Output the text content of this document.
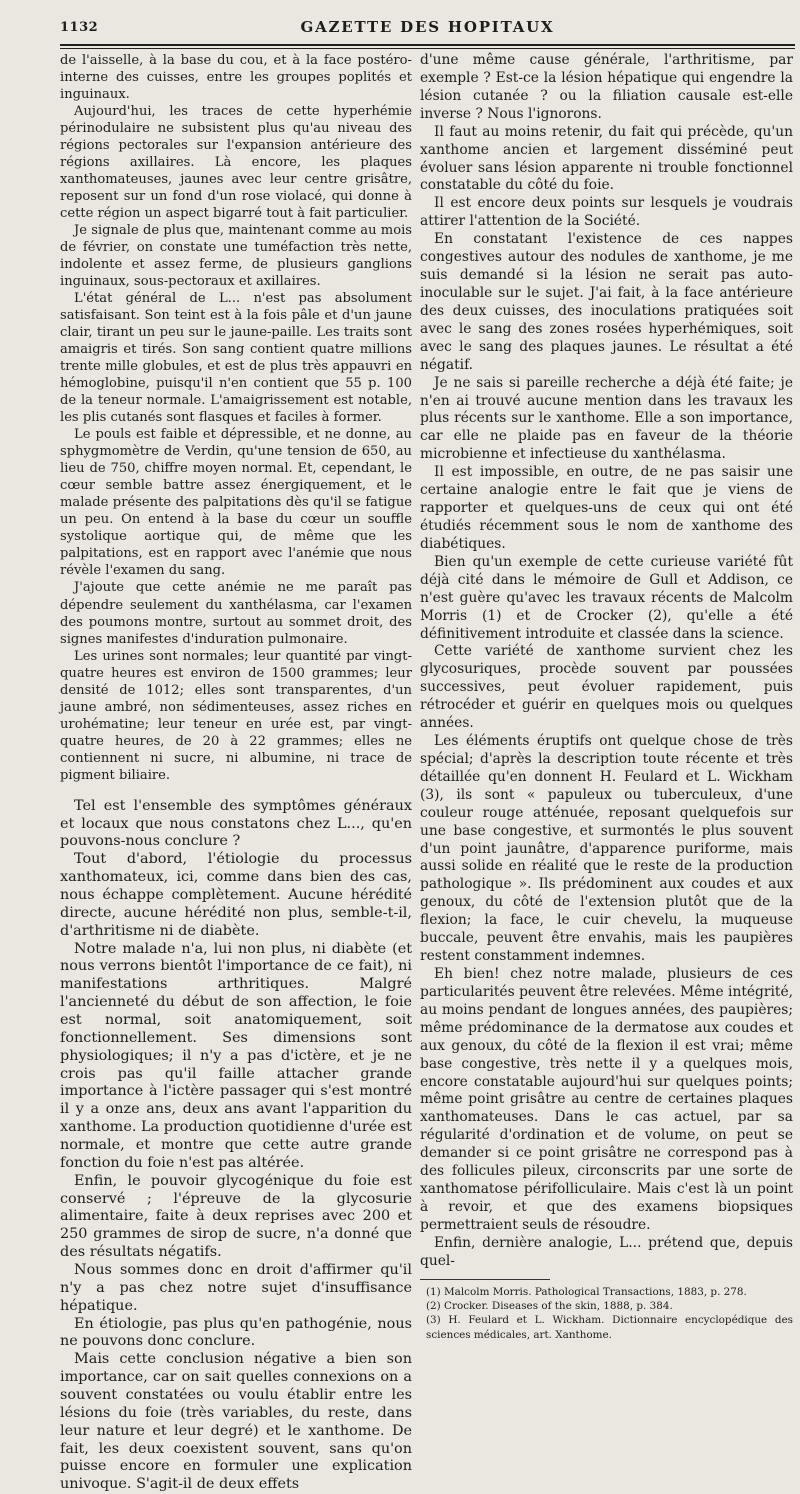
1132	GAZETTE DES HOPITAUX

de l'aisselle, à la base du cou, et à la face postéro-interne des cuisses, entre les groupes poplités et inguinaux.

Aujourd'hui, les traces de cette hyperhémie périnodulaire ne subsistent plus qu'au niveau des régions pectorales sur l'expansion antérieure des régions axillaires. Là encore, les plaques xanthomateuses, jaunes avec leur centre grisâtre, reposent sur un fond d'un rose violacé, qui donne à cette région un aspect bigarré tout à fait particulier.

Je signale de plus que, maintenant comme au mois de février, on constate une tuméfaction très nette, indolente et assez ferme, de plusieurs ganglions inguinaux, sous-pectoraux et axillaires.

L'état général de L... n'est pas absolument satisfaisant. Son teint est à la fois pâle et d'un jaune clair, tirant un peu sur le jaune-paille. Les traits sont amaigris et tirés. Son sang contient quatre millions trente mille globules, et est de plus très appauvri en hémoglobine, puisqu'il n'en contient que 55 p. 100 de la teneur normale. L'amaigrissement est notable, les plis cutanés sont flasques et faciles à former.

Le pouls est faible et dépressible, et ne donne, au sphygmomètre de Verdin, qu'une tension de 650, au lieu de 750, chiffre moyen normal. Et, cependant, le cœur semble battre assez énergiquement, et le malade présente des palpitations dès qu'il se fatigue un peu. On entend à la base du cœur un souffle systolique aortique qui, de même que les palpitations, est en rapport avec l'anémie que nous révèle l'examen du sang.

J'ajoute que cette anémie ne me paraît pas dépendre seulement du xanthélasma, car l'examen des poumons montre, surtout au sommet droit, des signes manifestes d'induration pulmonaire.

Les urines sont normales; leur quantité par vingt-quatre heures est environ de 1500 grammes; leur densité de 1012; elles sont transparentes, d'un jaune ambré, non sédimenteuses, assez riches en urohématine; leur teneur en urée est, par vingt-quatre heures, de 20 à 22 grammes; elles ne contiennent ni sucre, ni albumine, ni trace de pigment biliaire.

Tel est l'ensemble des symptômes généraux et locaux que nous constatons chez L..., qu'en pouvons-nous conclure ?

Tout d'abord, l'étiologie du processus xanthomateux, ici, comme dans bien des cas, nous échappe complètement. Aucune hérédité directe, aucune hérédité non plus, semble-t-il, d'arthritisme ni de diabète.

Notre malade n'a, lui non plus, ni diabète (et nous verrons bientôt l'importance de ce fait), ni manifestations arthritiques. Malgré l'ancienneté du début de son affection, le foie est normal, soit anatomiquement, soit fonctionnellement. Ses dimensions sont physiologiques; il n'y a pas d'ictère, et je ne crois pas qu'il faille attacher grande importance à l'ictère passager qui s'est montré il y a onze ans, deux ans avant l'apparition du xanthome. La production quotidienne d'urée est normale, et montre que cette autre grande fonction du foie n'est pas altérée.

Enfin, le pouvoir glycogénique du foie est conservé ; l'épreuve de la glycosurie alimentaire, faite à deux reprises avec 200 et 250 grammes de sirop de sucre, n'a donné que des résultats négatifs.

Nous sommes donc en droit d'affirmer qu'il n'y a pas chez notre sujet d'insuffisance hépatique.

En étiologie, pas plus qu'en pathogénie, nous ne pouvons donc conclure.

Mais cette conclusion négative a bien son importance, car on sait quelles connexions on a souvent constatées ou voulu établir entre les lésions du foie (très variables, du reste, dans leur nature et leur degré) et le xanthome. De fait, les deux coexistent souvent, sans qu'on puisse encore en formuler une explication univoque. S'agit-il de deux effets

d'une même cause générale, l'arthritisme, par exemple ? Est-ce la lésion hépatique qui engendre la lésion cutanée ? ou la filiation causale est-elle inverse ? Nous l'ignorons.

Il faut au moins retenir, du fait qui précède, qu'un xanthome ancien et largement disséminé peut évoluer sans lésion apparente ni trouble fonctionnel constatable du côté du foie.

Il est encore deux points sur lesquels je voudrais attirer l'attention de la Société.

En constatant l'existence de ces nappes congestives autour des nodules de xanthome, je me suis demandé si la lésion ne serait pas auto-inoculable sur le sujet. J'ai fait, à la face antérieure des deux cuisses, des inoculations pratiquées soit avec le sang des zones rosées hyperhémiques, soit avec le sang des plaques jaunes. Le résultat a été négatif.

Je ne sais si pareille recherche a déjà été faite; je n'en ai trouvé aucune mention dans les travaux les plus récents sur le xanthome. Elle a son importance, car elle ne plaide pas en faveur de la théorie microbienne et infectieuse du xanthélasma.

Il est impossible, en outre, de ne pas saisir une certaine analogie entre le fait que je viens de rapporter et quelques-uns de ceux qui ont été étudiés récemment sous le nom de xanthome des diabétiques.

Bien qu'un exemple de cette curieuse variété fût déjà cité dans le mémoire de Gull et Addison, ce n'est guère qu'avec les travaux récents de Malcolm Morris (1) et de Crocker (2), qu'elle a été définitivement introduite et classée dans la science.

Cette variété de xanthome survient chez les glycosuriques, procède souvent par poussées successives, peut évoluer rapidement, puis rétrocéder et guérir en quelques mois ou quelques années.

Les éléments éruptifs ont quelque chose de très spécial; d'après la description toute récente et très détaillée qu'en donnent H. Feulard et L. Wickham (3), ils sont « papuleux ou tuberculeux, d'une couleur rouge atténuée, reposant quelquefois sur une base congestive, et surmontés le plus souvent d'un point jaunâtre, d'apparence puriforme, mais aussi solide en réalité que le reste de la production pathologique ». Ils prédominent aux coudes et aux genoux, du côté de l'extension plutôt que de la flexion; la face, le cuir chevelu, la muqueuse buccale, peuvent être envahis, mais les paupières restent constamment indemnes.

Eh bien! chez notre malade, plusieurs de ces particularités peuvent être relevées. Même intégrité, au moins pendant de longues années, des paupières; même prédominance de la dermatose aux coudes et aux genoux, du côté de la flexion il est vrai; même base congestive, très nette il y a quelques mois, encore constatable aujourd'hui sur quelques points; même point grisâtre au centre de certaines plaques xanthomateuses. Dans le cas actuel, par sa régularité d'ordination et de volume, on peut se demander si ce point grisâtre ne correspond pas à des follicules pileux, circonscrits par une sorte de xanthomatose périfolliculaire. Mais c'est là un point à revoir, et que des examens biopsiques permettraient seuls de résoudre.

Enfin, dernière analogie, L... prétend que, depuis quel-

(1) Malcolm Morris. Pathological Transactions, 1883, p. 278.
(2) Crocker. Diseases of the skin, 1888, p. 384.
(3) H. Feulard et L. Wickham. Dictionnaire encyclopédique des sciences médicales, art. Xanthome.
